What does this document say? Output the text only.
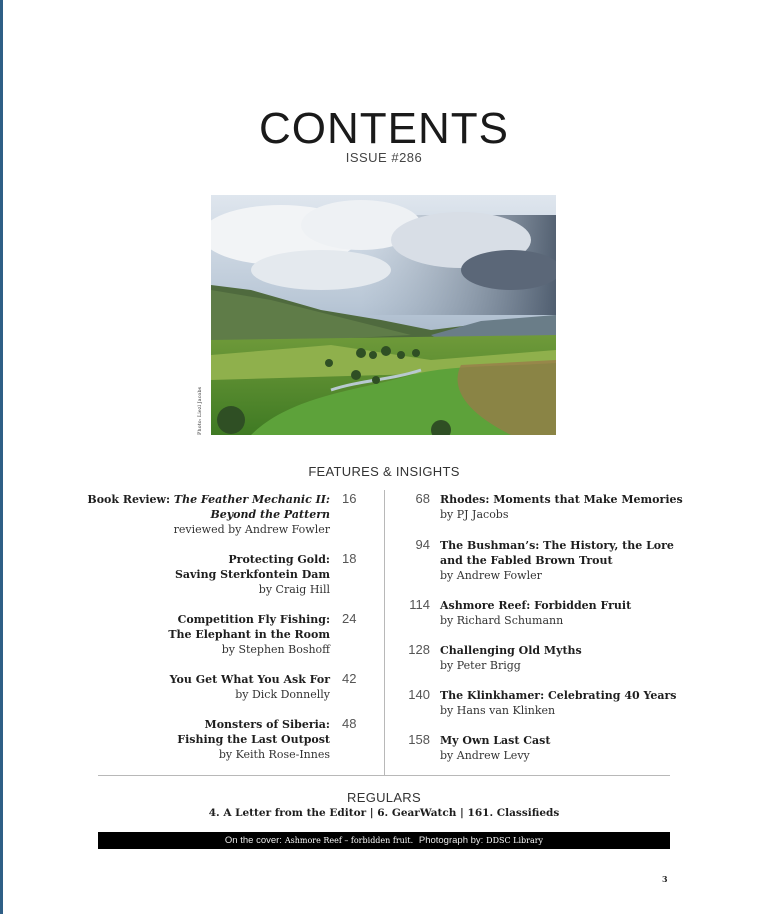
CONTENTS
ISSUE #286
Photo: Liezl Jacobs
FEATURES & INSIGHTS
Book Review: The Feather Mechanic II: Beyond the Pattern
reviewed by Andrew Fowler
16
Protecting Gold:
Saving Sterkfontein Dam
by Craig Hill
18
Competition Fly Fishing:
The Elephant in the Room
by Stephen Boshoff
24
You Get What You Ask For
by Dick Donnelly
42
Monsters of Siberia:
Fishing the Last Outpost
by Keith Rose-Innes
48
68 Rhodes: Moments that Make Memories
by PJ Jacobs
94 The Bushman’s: The History, the Lore and the Fabled Brown Trout
by Andrew Fowler
114 Ashmore Reef: Forbidden Fruit
by Richard Schumann
128 Challenging Old Myths
by Peter Brigg
140 The Klinkhamer: Celebrating 40 Years
by Hans van Klinken
158 My Own Last Cast
by Andrew Levy
REGULARS
4. A Letter from the Editor | 6. GearWatch | 161. Classifieds
On the cover: Ashmore Reef – forbidden fruit. Photograph by: DDSC Library
3
